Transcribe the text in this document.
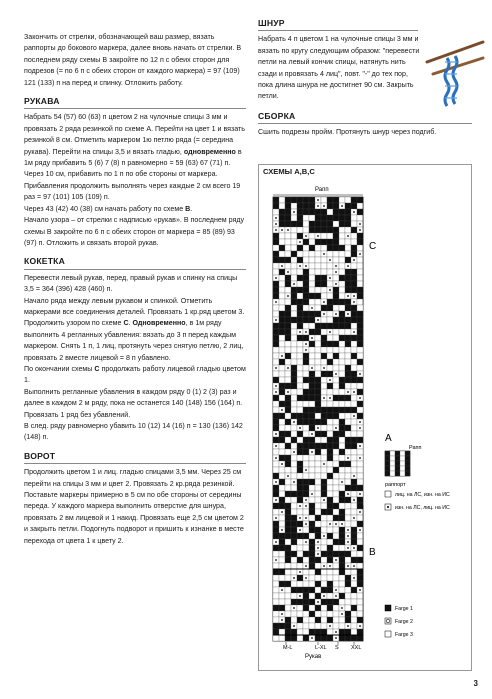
Закончить от стрелки, обозначающей ваш размер, вязать раппорты до бокового маркера, далее вновь начать от стрелки. В последнем ряду схемы B закройте по 12 п с обеих сторон для подрезов (= по 6 п с обеих сторон от каждого маркера) = 97 (109) 121 (133) п на перед и спинку. Отложить работу.

РУКАВА

Набрать 54 (57) 60 (63) п цветом 2 на чулочные спицы 3 мм и провязать 2 ряда резинкой по схеме A. Перейти на цвет 1 и вязать резинкой 8 см. Отметить маркером 1ю петлю ряда (= середина рукава). Перейти на спицы 3,5 и вязать гладью, одновременно в 1м ряду прибавить 5 (6) 7 (8) п равномерно = 59 (63) 67 (71) п. Через 10 см, прибавить по 1 п по обе стороны от маркера. Прибавления продолжить выполнять через каждые 2 см всего 19 раз = 97 (101) 105 (109) п.

Через 43 (42) 40 (38) см начать работу по схеме B.

Начало узора – от стрелки с надписью «рукав». В последнем ряду схемы B закройте по 6 п с обеих сторон от маркера = 85 (89) 93 (97) п. Отложить и связать второй рукав.

КОКЕТКА

Перевести левый рукав, перед, правый рукав и спинку на спицы 3,5 = 364 (396) 428 (460) п.

Начало ряда между левым рукавом и спинкой. Отметить маркерами все соединения деталей. Провязать 1 кр.ряд цветом 3. Продолжить узором по схеме C. Одновременно, в 1м ряду выполнить 4 регланных убавления: вязать до 3 п перед каждым маркером. Снять 1 п, 1 лиц, протянуть через снятую петлю, 2 лиц, провязать 2 вместе лицевой = 8 п убавлено.

По окончании схемы C продолжать работу лицевой гладью цветом 1.

Выполнить регланные убавления в каждом ряду 0 (1) 2 (3) раз и далее в каждом 2 м ряду, пока не останется 140 (148) 156 (164) п. Провязать 1 ряд без убавлений.

В след. ряду равномерно убавить 10 (12) 14 (16) п = 130 (136) 142 (148) п.

ВОРОТ

Продолжить цветом 1 и лиц. гладью спицами 3,5 мм. Через 25 см перейти на спицы 3 мм и цвет 2. Провязать 2 кр.ряда резинкой. Поставьте маркеры примерно в 5 см по обе стороны от середины переда. У каждого маркера выполнить отверстие для шнура, провязать 2 вм лицевой и 1 накид. Провязать еще 2,5 см цветом 2 и закрыть петли. Подогнуть подворот и пришить к изнанке в месте перехода от цвета 1 к цвету 2.

ШНУР

Набрать 4 п цветом 1 на чулочные спицы 3 мм и вязать по кругу следующим образом: "перевести петли на левый кончик спицы, натянуть нить сзади и провязать 4 лиц", повт. "-" до тех пор, пока длина шнура не достигнет 90 см. Закрыть петли.

СБОРКА

Сшить подрезы пройм. Протянуть шнур через подгиб.

СХЕМЫ A,B,C
Рапп
C
A
B
Рапп
раппорт
Рукав
M-L	L-XL S XXL
лиц. на ЛС, изн. на ИС
изн. на ЛС, лиц. на ИС
Farge 1
Farge 2
Farge 3
3
